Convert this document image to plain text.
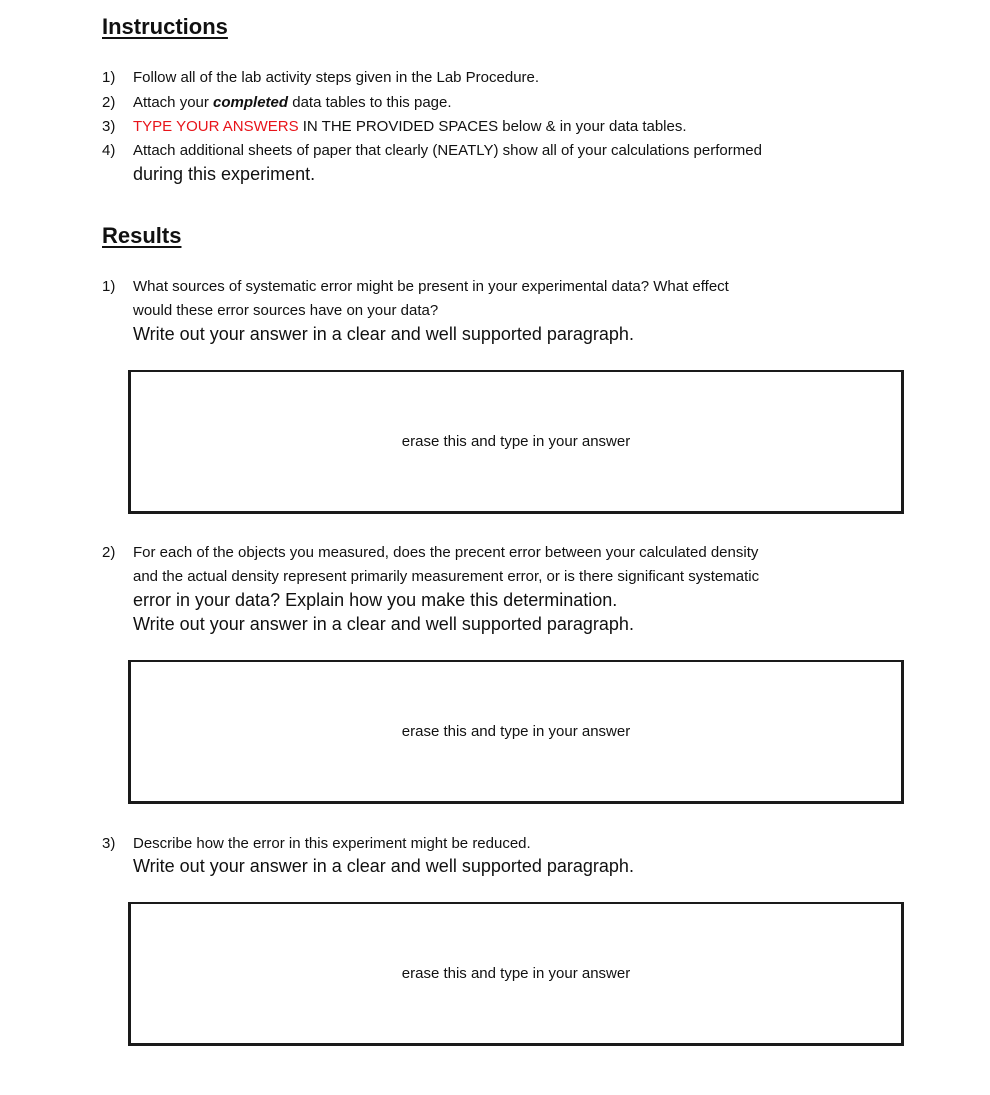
Instructions
1) Follow all of the lab activity steps given in the Lab Procedure.
2) Attach your completed data tables to this page.
3) TYPE YOUR ANSWERS IN THE PROVIDED SPACES below & in your data tables.
4) Attach additional sheets of paper that clearly (NEATLY) show all of your calculations performed
during this experiment.
Results
1) What sources of systematic error might be present in your experimental data? What effect
would these error sources have on your data?
Write out your answer in a clear and well supported paragraph.
erase this and type in your answer
2) For each of the objects you measured, does the precent error between your calculated density
and the actual density represent primarily measurement error, or is there significant systematic
error in your data? Explain how you make this determination.
Write out your answer in a clear and well supported paragraph.
erase this and type in your answer
3) Describe how the error in this experiment might be reduced.
Write out your answer in a clear and well supported paragraph.
erase this and type in your answer
